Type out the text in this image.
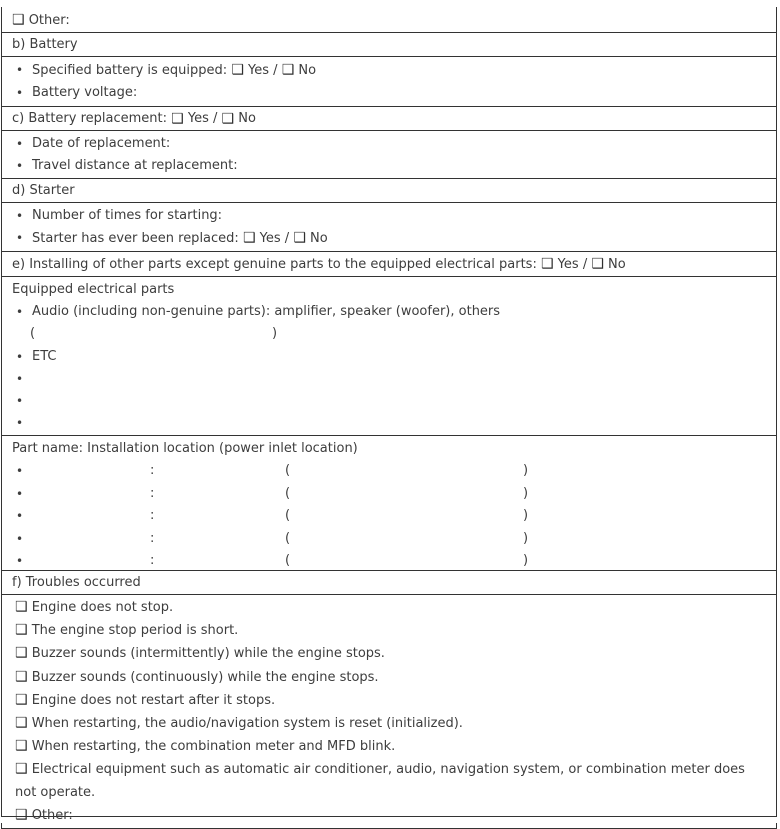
❑
Other:
b) Battery
• Specified battery is equipped: ❑ Yes / ❑ No
• Battery voltage:
c) Battery replacement:
❑
Yes
/
❑
No
• Date of replacement:
• Travel distance at replacement:
d) Starter
• Number of times for starting:
• Starter has ever been replaced: ❑ Yes / ❑ No
e) Installing of other parts except genuine parts to the equipped electrical parts:
❑
Yes
/
❑
No
Equipped electrical parts
• Audio (including non-genuine parts): amplifier, speaker (woofer), others
(	)
• ETC
•
•
•
Part name: Installation location (power inlet location)
•	:	(	)
•	:	(	)
•	:	(	)
•	:	(	)
•	:	(	)
f) Troubles occurred
❑ Engine does not stop.
❑ The engine stop period is short.
❑ Buzzer sounds (intermittently) while the engine stops.
❑ Buzzer sounds (continuously) while the engine stops.
❑ Engine does not restart after it stops.
❑ When restarting, the audio/navigation system is reset (initialized).
❑ When restarting, the combination meter and MFD blink.
❑ Electrical equipment such as automatic air conditioner, audio, navigation system, or combination meter does not operate.
❑ Other:
